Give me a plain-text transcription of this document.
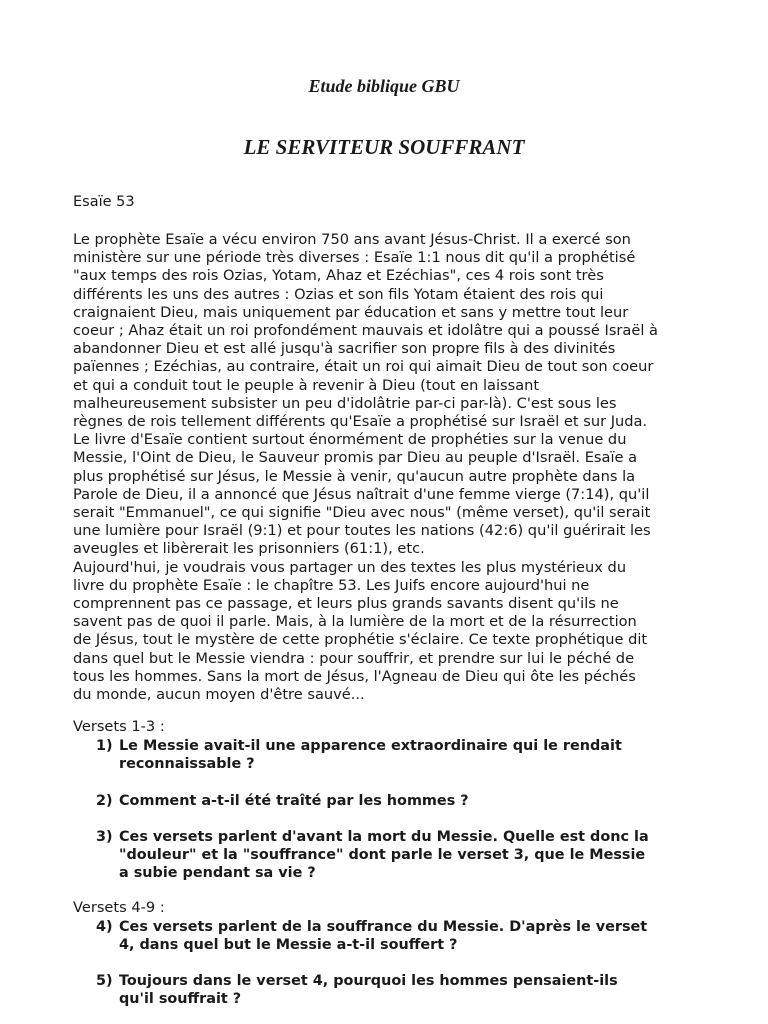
Etude biblique GBU
LE SERVITEUR SOUFFRANT
Esaïe 53

Le prophète Esaïe a vécu environ 750 ans avant Jésus-Christ. Il a exercé son
ministère sur une période très diverses : Esaïe 1:1 nous dit qu'il a prophétisé
"aux temps des rois Ozias, Yotam, Ahaz et Ezéchias", ces 4 rois sont très
différents les uns des autres : Ozias et son fils Yotam étaient des rois qui
craignaient Dieu, mais uniquement par éducation et sans y mettre tout leur
coeur ; Ahaz était un roi profondément mauvais et idolâtre qui a poussé Israël à
abandonner Dieu et est allé jusqu'à sacrifier son propre fils à des divinités
païennes ; Ezéchias, au contraire, était un roi qui aimait Dieu de tout son coeur
et qui a conduit tout le peuple à revenir à Dieu (tout en laissant
malheureusement subsister un peu d'idolâtrie par-ci par-là). C'est sous les
règnes de rois tellement différents qu'Esaïe a prophétisé sur Israël et sur Juda.
Le livre d'Esaïe contient surtout énormément de prophéties sur la venue du
Messie, l'Oint de Dieu, le Sauveur promis par Dieu au peuple d'Israël. Esaïe a
plus prophétisé sur Jésus, le Messie à venir, qu'aucun autre prophète dans la
Parole de Dieu, il a annoncé que Jésus naîtrait d'une femme vierge (7:14), qu'il
serait "Emmanuel", ce qui signifie "Dieu avec nous" (même verset), qu'il serait
une lumière pour Israël (9:1) et pour toutes les nations (42:6) qu'il guérirait les
aveugles et libèrerait les prisonniers (61:1), etc.

Aujourd'hui, je voudrais vous partager un des textes les plus mystérieux du
livre du prophète Esaïe : le chapître 53. Les Juifs encore aujourd'hui ne
comprennent pas ce passage, et leurs plus grands savants disent qu'ils ne
savent pas de quoi il parle. Mais, à la lumière de la mort et de la résurrection
de Jésus, tout le mystère de cette prophétie s'éclaire. Ce texte prophétique dit
dans quel but le Messie viendra : pour souffrir, et prendre sur lui le péché de
tous les hommes. Sans la mort de Jésus, l'Agneau de Dieu qui ôte les péchés
du monde, aucun moyen d'être sauvé...

Versets 1-3 :
1) Le Messie avait-il une apparence extraordinaire qui le rendait
reconnaissable ?
2) Comment a-t-il été traîté par les hommes ?
3) Ces versets parlent d'avant la mort du Messie. Quelle est donc la
"douleur" et la "souffrance" dont parle le verset 3, que le Messie
a subie pendant sa vie ?
Versets 4-9 :
4) Ces versets parlent de la souffrance du Messie. D'après le verset
4, dans quel but le Messie a-t-il souffert ?
5) Toujours dans le verset 4, pourquoi les hommes pensaient-ils
qu'il souffrait ?
